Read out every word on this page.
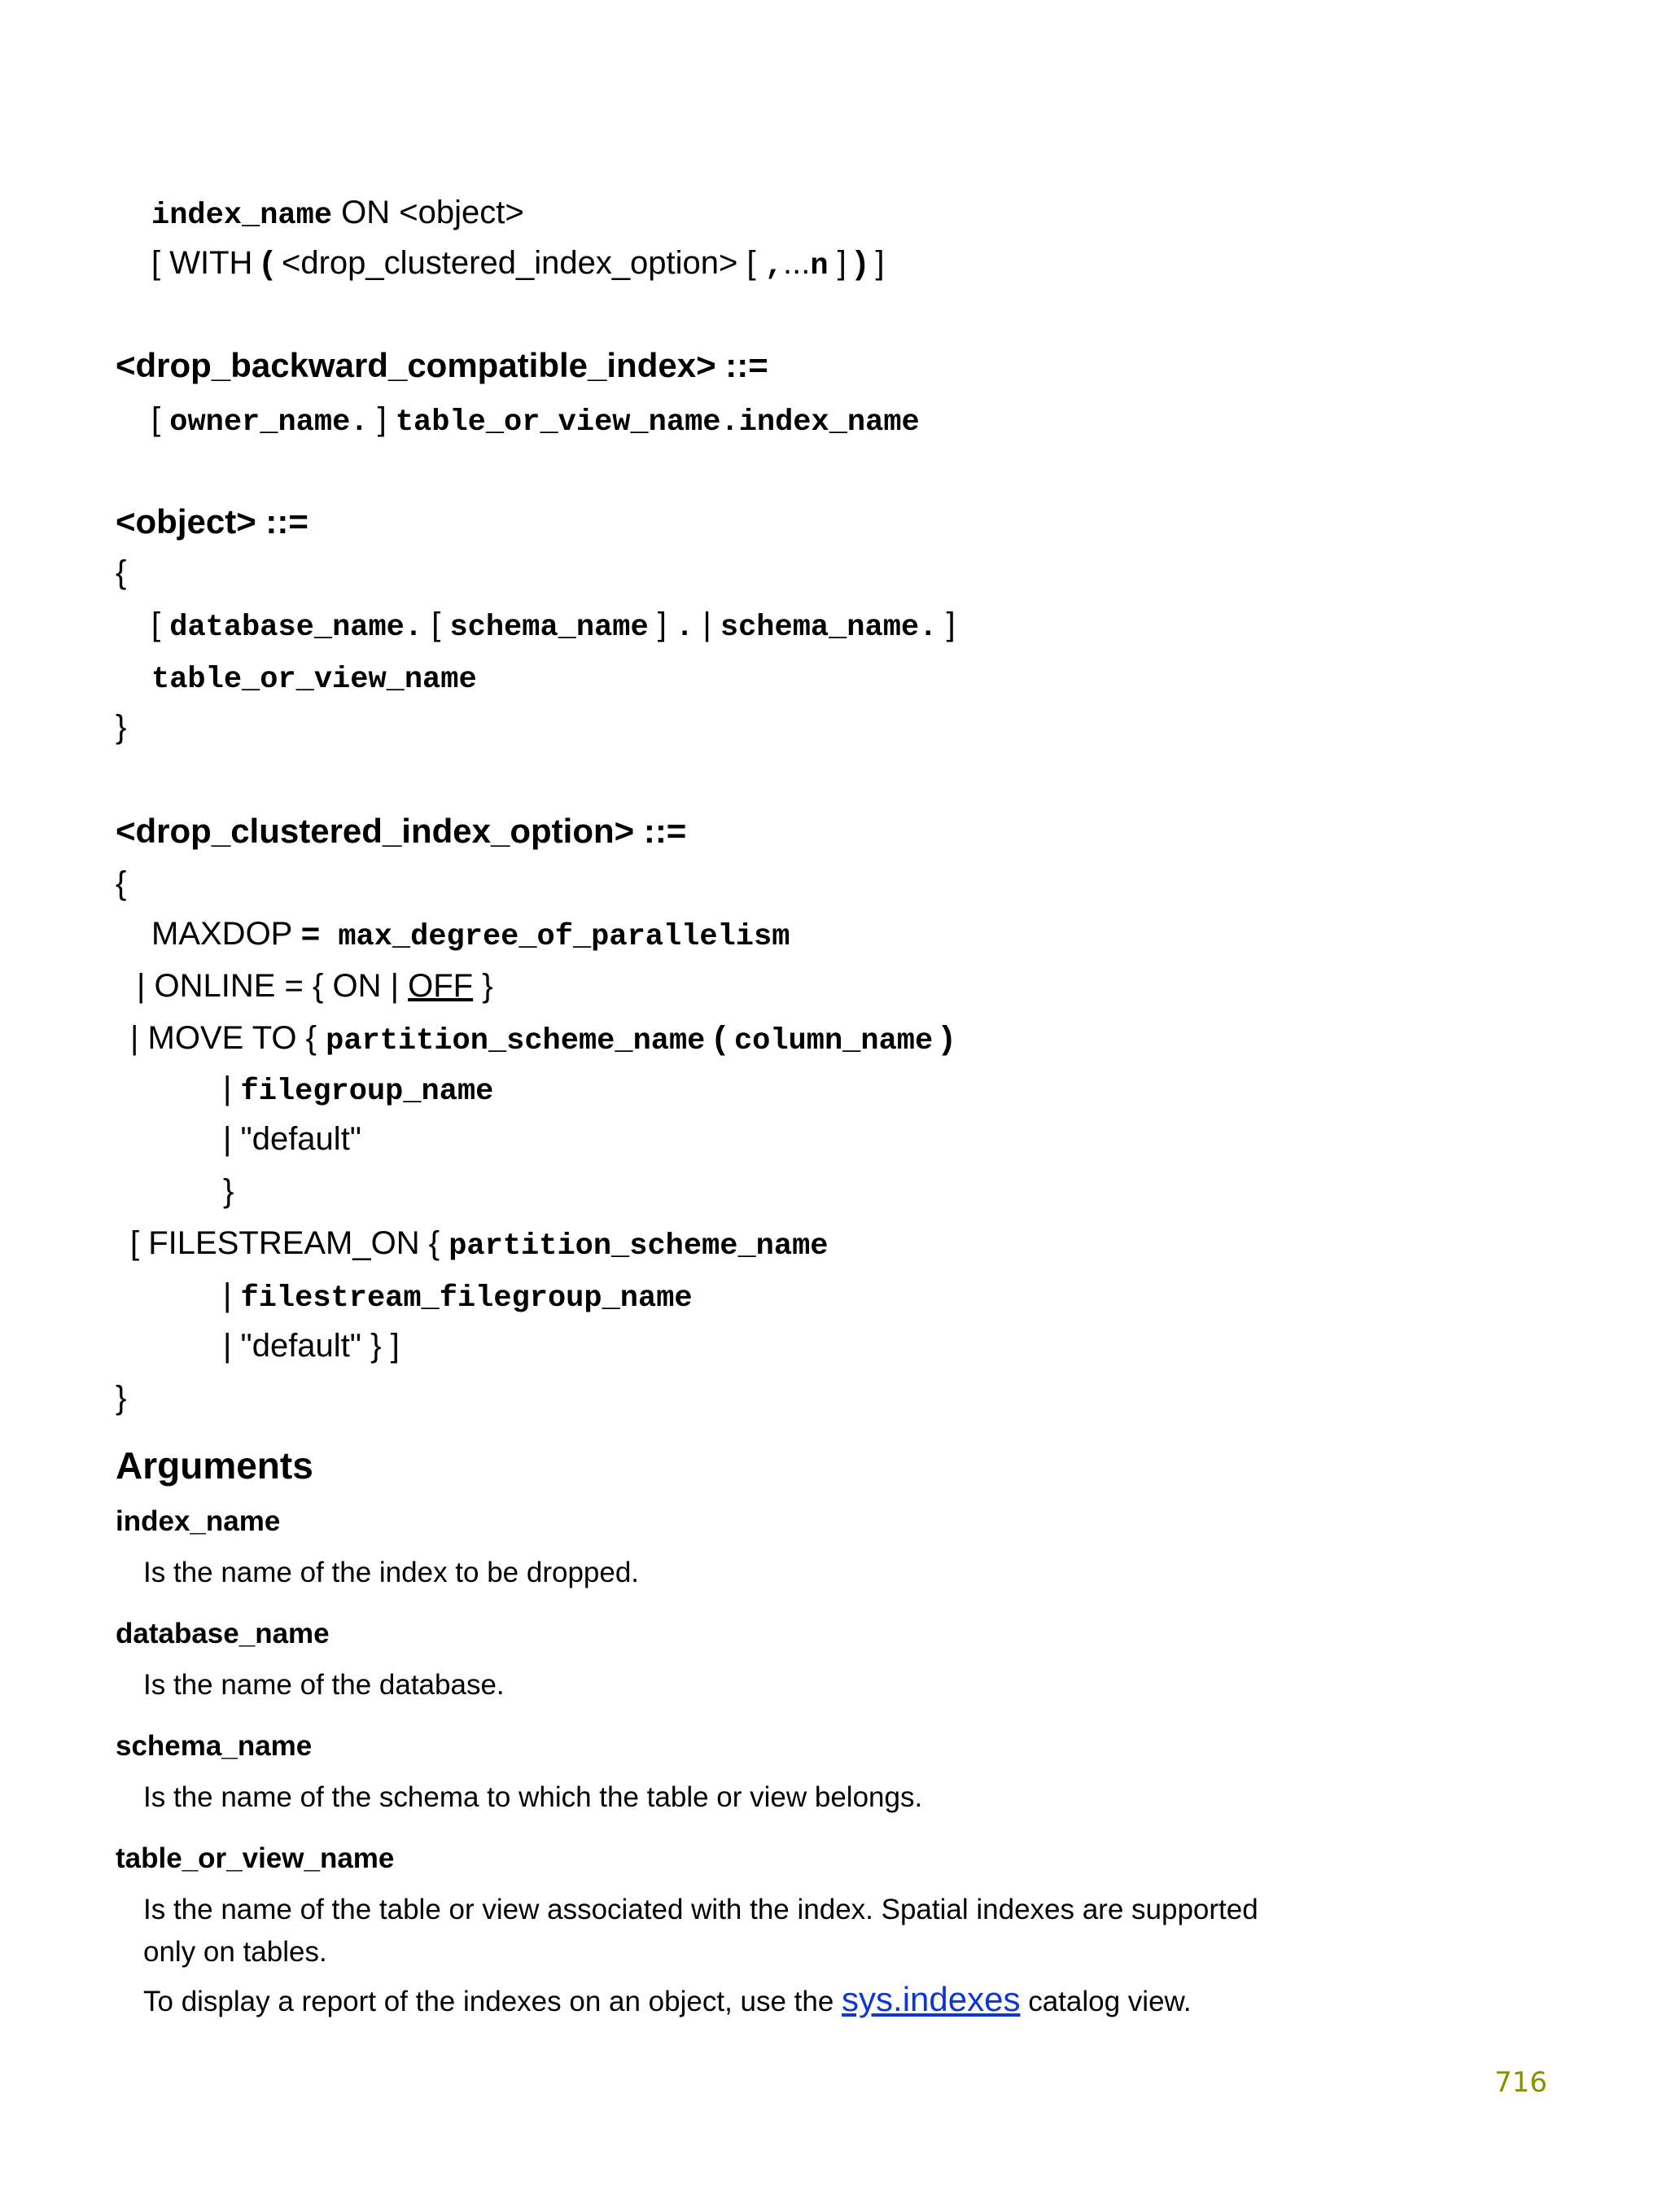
index_name ON <object>
[ WITH ( <drop_clustered_index_option> [ ,...n ] ) ]
<drop_backward_compatible_index> ::=
[ owner_name. ] table_or_view_name.index_name
<object> ::=
{
[ database_name. [ schema_name ] . | schema_name. ]
table_or_view_name
}
<drop_clustered_index_option> ::=
{
MAXDOP = max_degree_of_parallelism
| ONLINE = { ON | OFF }
| MOVE TO { partition_scheme_name ( column_name )
| filegroup_name
| "default"
}
[ FILESTREAM_ON { partition_scheme_name
| filestream_filegroup_name
| "default" } ]
}
Arguments
index_name
Is the name of the index to be dropped.
database_name
Is the name of the database.
schema_name
Is the name of the schema to which the table or view belongs.
table_or_view_name
Is the name of the table or view associated with the index. Spatial indexes are supported only on tables.
To display a report of the indexes on an object, use the sys.indexes catalog view.
716
